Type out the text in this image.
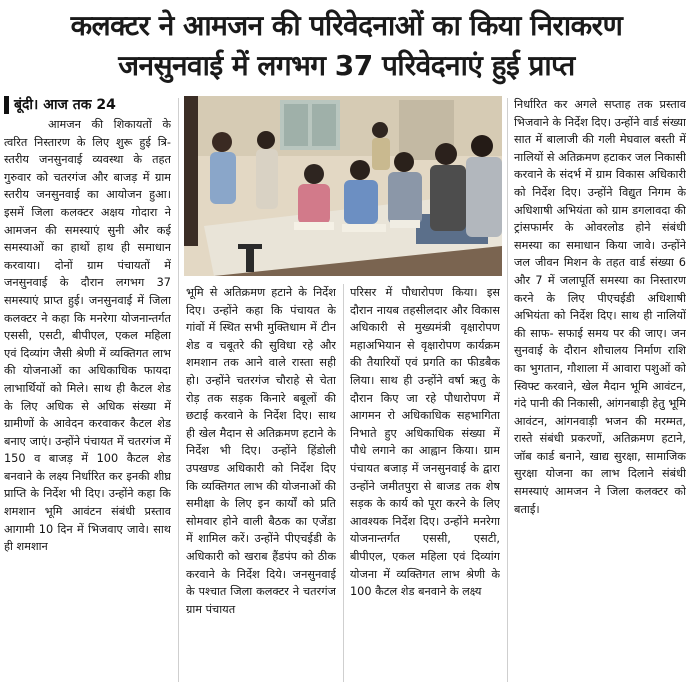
कलक्टर ने आमजन की परिवेदनाओं का किया निराकरण
जनसुनवाई में लगभग 37 परिवेदनाएं हुई प्राप्त
बूंदी। आज तक 24

आमजन की शिकायतों के त्वरित निस्तारण के लिए शुरू हुई त्रि-स्तरीय जनसुनवाई व्यवस्था के तहत गुरुवार को चतरगंज और बाजड़ में ग्राम स्तरीय जनसुनवाई का आयोजन हुआ। इसमें जिला कलक्टर अक्षय गोदारा ने आमजन की समस्याएं सुनी और कई समस्याओं का हाथों हाथ ही समाधान करवाया। दोनों ग्राम पंचायतों में जनसुनवाई के दौरान लगभग 37 समस्याएं प्राप्त हुई। जनसुनवाई में जिला कलक्टर ने कहा कि मनरेगा योजनान्तर्गत एससी, एसटी, बीपीएल, एकल महिला एवं दिव्यांग जैसी श्रेणी में व्यक्तिगत लाभ की योजनाओं का अधिकाधिक फायदा लाभार्थियों को मिले। साथ ही कैटल शेड के लिए अधिक से अधिक संख्या में ग्रामीणों के आवेदन करवाकर कैटल शेड बनाए जाएं। उन्होंने पंचायत में चतरगंज में 150 व बाजड़ में 100 कैटल शेड बनवाने के लक्ष्य निर्धारित कर इनकी शीघ्र प्राप्ति के निर्देश भी दिए। उन्होंने कहा कि शमशान भूमि आवंटन संबंधी प्रस्ताव आगामी 10 दिन में भिजवाए जावे। साथ ही शमशान

भूमि से अतिक्रमण हटाने के निर्देश दिए। उन्होंने कहा कि पंचायत के गांवों में स्थित सभी मुक्तिधाम में टीन शेड व चबूतरे की सुविधा रहे और शमशान तक आने वाले रास्ता सही हो। उन्होंने चतरगंज चौराहे से चेता रोड़ तक सड़क किनारे बबूलों की छटाई करवाने के निर्देश दिए। साथ ही खेल मैदान से अतिक्रमण हटाने के निर्देश भी दिए। उन्होंने हिंडोली उपखण्ड अधिकारी को निर्देश दिए कि व्यक्तिगत लाभ की योजनाओं की समीक्षा के लिए इन कार्यों को प्रति सोमवार होने वाली बैठक का एजेंडा में शामिल करें। उन्होंने पीएचईडी के अधिकारी को खराब हैंडपंप को ठीक करवाने के निर्देश दिये। जनसुनवाई के पश्चात जिला कलक्टर ने चतरगंज ग्राम पंचायत

परिसर में पौधारोपण किया। इस दौरान नायब तहसीलदार और विकास अधिकारी से मुख्यमंत्री वृक्षारोपण महाअभियान से वृक्षारोपण कार्यक्रम की तैयारियों एवं प्रगति का फीडबैक लिया। साथ ही उन्होंने वर्षा ऋतु के दौरान किए जा रहे पौधारोपण में आगमन रो अधिकाधिक सहभागिता निभाते हुए अधिकाधिक संख्या में पौधे लगाने का आह्वान किया। ग्राम पंचायत बजाड़ में जनसुनवाई के द्वारा उन्होंने जमीतपुरा से बाजड तक शेष सड़क के कार्य को पूरा करने के लिए आवश्यक निर्देश दिए। उन्होंने मनरेगा योजनान्तर्गत एससी, एसटी, बीपीएल, एकल महिला एवं दिव्यांग योजना में व्यक्तिगत लाभ श्रेणी के 100 कैटल शेड बनवाने के लक्ष्य

निर्धारित कर अगले सप्ताह तक प्रस्ताव भिजवाने के निर्देश दिए। उन्होंने वार्ड संख्या सात में बालाजी की गली मेघवाल बस्ती में नालियों से अतिक्रमण हटाकर जल निकासी करवाने के संदर्भ में ग्राम विकास अधिकारी को निर्देश दिए। उन्होंने विद्युत निगम के अधिशाषी अभियंता को ग्राम डगलावदा की ट्रांसफार्मर के ओवरलोड होने संबंधी समस्या का समाधान किया जावे। उन्होंने जल जीवन मिशन के तहत वार्ड संख्या 6 और 7 में जलापूर्ति समस्या का निस्तारण करने के लिए पीएचईडी अधिशाषी अभियंता को निर्देश दिए। साथ ही नालियों की साफ- सफाई समय पर की जाए। जन सुनवाई के दौरान शौचालय निर्माण राशि का भुगतान, गौशाला में आवारा पशुओं को स्विफ्ट करवाने, खेल मैदान भूमि आवंटन, गंदे पानी की निकासी, आंगनबाड़ी हेतु भूमि आवंटन, आंगनवाड़ी भजन की मरम्मत, रास्ते संबंधी प्रकरणों, अतिक्रमण हटाने, जॉब कार्ड बनाने, खाद्य सुरक्षा, सामाजिक सुरक्षा योजना का लाभ दिलाने संबंधी समस्याएं आमजन ने जिला कलक्टर को बताई।
